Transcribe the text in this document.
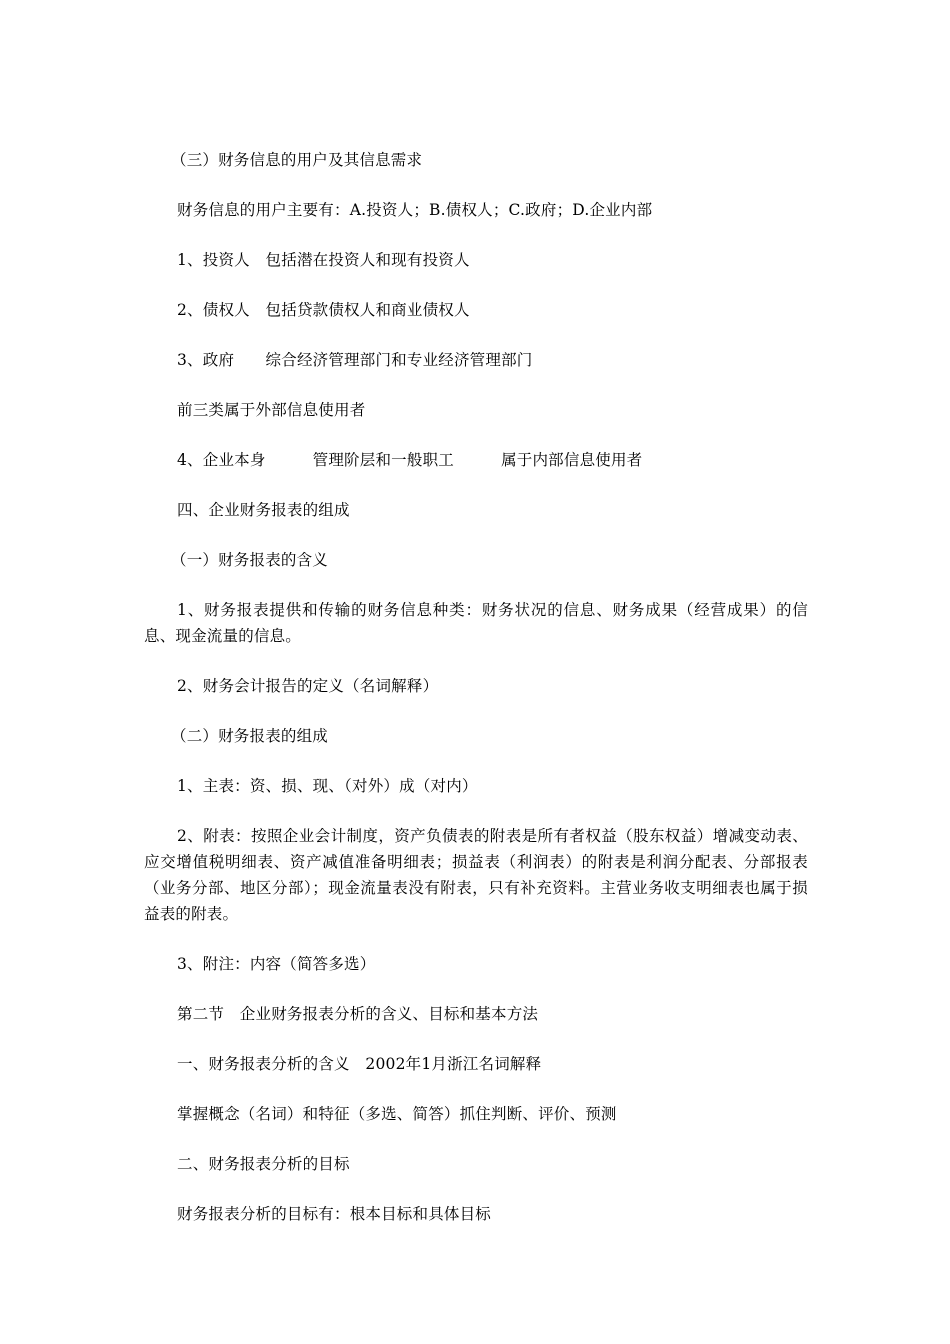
（三）财务信息的用户及其信息需求

财务信息的用户主要有：A.投资人；B.债权人；C.政府；D.企业内部

1、投资人　包括潜在投资人和现有投资人

2、债权人　包括贷款债权人和商业债权人

3、政府　　综合经济管理部门和专业经济管理部门

前三类属于外部信息使用者

4、企业本身　　　管理阶层和一般职工　　　属于内部信息使用者

四、企业财务报表的组成

（一）财务报表的含义

1、财务报表提供和传输的财务信息种类：财务状况的信息、财务成果（经营成果）的信息、现金流量的信息。

2、财务会计报告的定义（名词解释）

（二）财务报表的组成

1、主表：资、损、现、（对外）成（对内）

2、附表：按照企业会计制度，资产负债表的附表是所有者权益（股东权益）增减变动表、应交增值税明细表、资产减值准备明细表；损益表（利润表）的附表是利润分配表、分部报表（业务分部、地区分部）；现金流量表没有附表，只有补充资料。主营业务收支明细表也属于损益表的附表。

3、附注：内容（简答多选）

第二节　企业财务报表分析的含义、目标和基本方法

一、财务报表分析的含义　2002年1月浙江名词解释

掌握概念（名词）和特征（多选、简答）抓住判断、评价、预测

二、财务报表分析的目标

财务报表分析的目标有：根本目标和具体目标
